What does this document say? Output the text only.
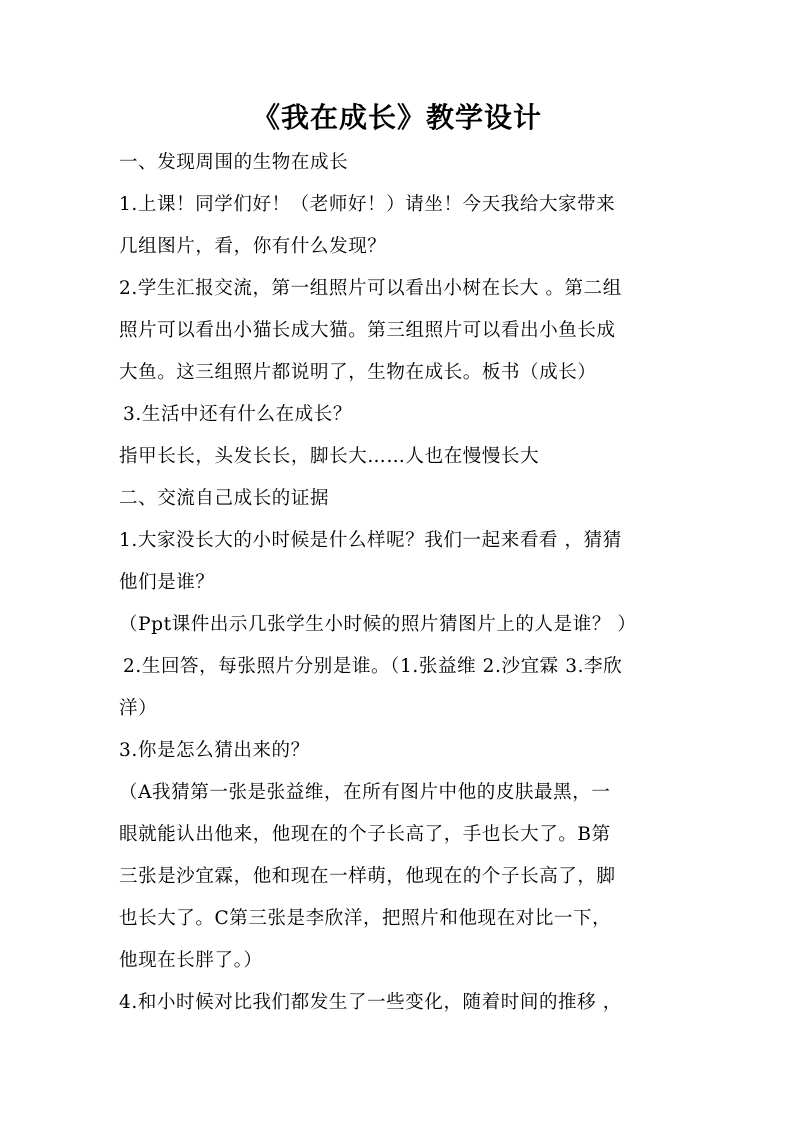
《我在成长》教学设计
一、发现周围的生物在成长
1.上课！同学们好！（老师好！）请坐！今天我给大家带来
几组图片，看，你有什么发现？
2.学生汇报交流，第一组照片可以看出小树在长大 。第二组
照片可以看出小猫长成大猫。第三组照片可以看出小鱼长成
大鱼。这三组照片都说明了，生物在成长。板书（成长）
3.生活中还有什么在成长？
指甲长长，头发长长，脚长大……人也在慢慢长大
二、交流自己成长的证据
1.大家没长大的小时候是什么样呢？我们一起来看看 ，猜猜
他们是谁？
（Ppt课件出示几张学生小时候的照片猜图片上的人是谁？ ）
2.生回答，每张照片分别是谁。（1.张益维 2.沙宜霖 3.李欣
洋）
3.你是怎么猜出来的？
（A我猜第一张是张益维，在所有图片中他的皮肤最黑，一
眼就能认出他来，他现在的个子长高了，手也长大了。B第
三张是沙宜霖，他和现在一样萌，他现在的个子长高了，脚
也长大了。C第三张是李欣洋，把照片和他现在对比一下，
他现在长胖了。）
4.和小时候对比我们都发生了一些变化，随着时间的推移 ，
